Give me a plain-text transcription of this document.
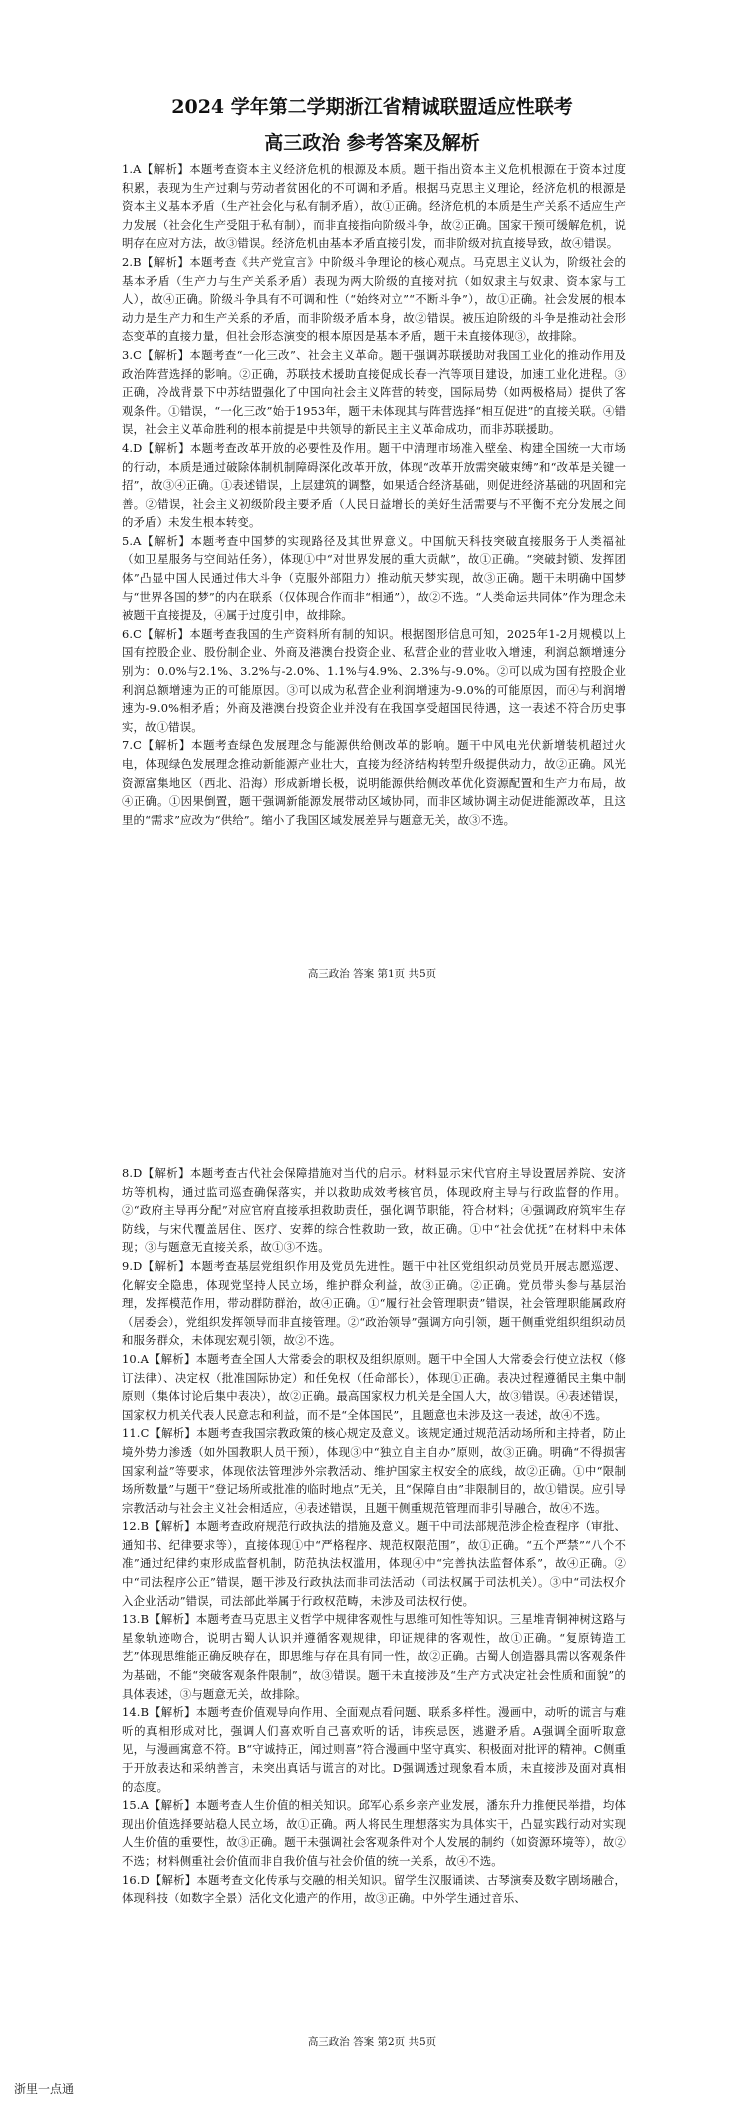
2024 学年第二学期浙江省精诚联盟适应性联考
高三政治 参考答案及解析

1.A【解析】本题考查资本主义经济危机的根源及本质。题干指出资本主义危机根源在于资本过度积累，表现为生产过剩与劳动者贫困化的不可调和矛盾。根据马克思主义理论，经济危机的根源是资本主义基本矛盾（生产社会化与私有制矛盾），故①正确。经济危机的本质是生产关系不适应生产力发展（社会化生产受阻于私有制），而非直接指向阶级斗争，故②正确。国家干预可缓解危机，说明存在应对方法，故③错误。经济危机由基本矛盾直接引发，而非阶级对抗直接导致，故④错误。

2.B【解析】本题考查《共产党宣言》中阶级斗争理论的核心观点。马克思主义认为，阶级社会的基本矛盾（生产力与生产关系矛盾）表现为两大阶级的直接对抗（如奴隶主与奴隶、资本家与工人），故④正确。阶级斗争具有不可调和性（“始终对立”“不断斗争”），故①正确。社会发展的根本动力是生产力和生产关系的矛盾，而非阶级矛盾本身，故②错误。被压迫阶级的斗争是推动社会形态变革的直接力量，但社会形态演变的根本原因是基本矛盾，题干未直接体现③，故排除。

3.C【解析】本题考查“一化三改”、社会主义革命。题干强调苏联援助对我国工业化的推动作用及政治阵营选择的影响。②正确，苏联技术援助直接促成长春一汽等项目建设，加速工业化进程。③正确，冷战背景下中苏结盟强化了中国向社会主义阵营的转变，国际局势（如两极格局）提供了客观条件。①错误，“一化三改”始于1953年，题干未体现其与阵营选择“相互促进”的直接关联。④错误，社会主义革命胜利的根本前提是中共领导的新民主主义革命成功，而非苏联援助。

4.D【解析】本题考查改革开放的必要性及作用。题干中清理市场准入壁垒、构建全国统一大市场的行动，本质是通过破除体制机制障碍深化改革开放，体现“改革开放需突破束缚”和“改革是关键一招”，故③④正确。①表述错误，上层建筑的调整，如果适合经济基础，则促进经济基础的巩固和完善。②错误，社会主义初级阶段主要矛盾（人民日益增长的美好生活需要与不平衡不充分发展之间的矛盾）未发生根本转变。

5.A【解析】本题考查中国梦的实现路径及其世界意义。中国航天科技突破直接服务于人类福祉（如卫星服务与空间站任务），体现①中“对世界发展的重大贡献”，故①正确。“突破封锁、发挥团体”凸显中国人民通过伟大斗争（克服外部阻力）推动航天梦实现，故③正确。题干未明确中国梦与“世界各国的梦”的内在联系（仅体现合作而非“相通”），故②不选。“人类命运共同体”作为理念未被题干直接提及，④属于过度引申，故排除。

6.C【解析】本题考查我国的生产资料所有制的知识。根据图形信息可知，2025年1-2月规模以上国有控股企业、股份制企业、外商及港澳台投资企业、私营企业的营业收入增速，利润总额增速分别为：0.0%与2.1%、3.2%与-2.0%、1.1%与4.9%、2.3%与-9.0%。②可以成为国有控股企业利润总额增速为正的可能原因。③可以成为私营企业利润增速为-9.0%的可能原因，而④与利润增速为-9.0%相矛盾；外商及港澳台投资企业并没有在我国享受超国民待遇，这一表述不符合历史事实，故①错误。

7.C【解析】本题考查绿色发展理念与能源供给侧改革的影响。题干中风电光伏新增装机超过火电，体现绿色发展理念推动新能源产业壮大，直接为经济结构转型升级提供动力，故②正确。风光资源富集地区（西北、沿海）形成新增长极，说明能源供给侧改革优化资源配置和生产力布局，故④正确。①因果倒置，题干强调新能源发展带动区域协同，而非区域协调主动促进能源改革，且这里的“需求”应改为“供给”。缩小了我国区域发展差异与题意无关，故③不选。

高三政治 答案 第1页 共5页

8.D【解析】本题考查古代社会保障措施对当代的启示。材料显示宋代官府主导设置居养院、安济坊等机构，通过监司巡查确保落实，并以救助成效考核官员，体现政府主导与行政监督的作用。②“政府主导再分配”对应官府直接承担救助责任，强化调节职能，符合材料；④强调政府筑牢生存防线，与宋代覆盖居住、医疗、安葬的综合性救助一致，故正确。①中“社会优抚”在材料中未体现；③与题意无直接关系，故①③不选。

9.D【解析】本题考查基层党组织作用及党员先进性。题干中社区党组织动员党员开展志愿巡逻、化解安全隐患，体现党坚持人民立场，维护群众利益，故③正确。②正确。党员带头参与基层治理，发挥模范作用，带动群防群治，故④正确。①“履行社会管理职责”错误，社会管理职能属政府（居委会），党组织发挥领导而非直接管理。②“政治领导”强调方向引领，题干侧重党组织组织动员和服务群众，未体现宏观引领，故②不选。

10.A【解析】本题考查全国人大常委会的职权及组织原则。题干中全国人大常委会行使立法权（修订法律）、决定权（批准国际协定）和任免权（任命部长），体现①正确。表决过程遵循民主集中制原则（集体讨论后集中表决），故②正确。最高国家权力机关是全国人大，故③错误。④表述错误，国家权力机关代表人民意志和利益，而不是“全体国民”，且题意也未涉及这一表述，故④不选。

11.C【解析】本题考查我国宗教政策的核心规定及意义。该规定通过规范活动场所和主持者，防止境外势力渗透（如外国教职人员干预），体现③中“独立自主自办”原则，故③正确。明确“不得损害国家利益”等要求，体现依法管理涉外宗教活动、维护国家主权安全的底线，故②正确。①中“限制场所数量”与题干“登记场所或批准的临时地点”无关，且“保障自由”非限制目的，故①错误。应引导宗教活动与社会主义社会相适应，④表述错误，且题干侧重规范管理而非引导融合，故④不选。

12.B【解析】本题考查政府规范行政执法的措施及意义。题干中司法部规范涉企检查程序（审批、通知书、纪律要求等），直接体现①中“严格程序、规范权限范围”，故①正确。“五个严禁”“八个不准”通过纪律约束形成监督机制，防范执法权滥用，体现④中“完善执法监督体系”，故④正确。②中“司法程序公正”错误，题干涉及行政执法而非司法活动（司法权属于司法机关）。③中“司法权介入企业活动”错误，司法部此举属于行政权范畴，未涉及司法权行使。

13.B【解析】本题考查马克思主义哲学中规律客观性与思维可知性等知识。三星堆青铜神树这路与星象轨迹吻合，说明古蜀人认识并遵循客观规律，印证规律的客观性，故①正确。“复原铸造工艺”体现思维能正确反映存在，即思维与存在具有同一性，故②正确。古蜀人创造器具需以客观条件为基础，不能“突破客观条件限制”，故③错误。题干未直接涉及“生产方式决定社会性质和面貌”的具体表述，③与题意无关，故排除。

14.B【解析】本题考查价值观导向作用、全面观点看问题、联系多样性。漫画中，动听的谎言与难听的真相形成对比，强调人们喜欢听自己喜欢听的话，讳疾忌医，逃避矛盾。A强调全面听取意见，与漫画寓意不符。B“守诚持正，闻过则喜”符合漫画中坚守真实、积极面对批评的精神。C侧重于开放表达和采纳善言，未突出真话与谎言的对比。D强调透过现象看本质，未直接涉及面对真相的态度。

15.A【解析】本题考查人生价值的相关知识。邱军心系乡亲产业发展，潘东升力推便民举措，均体现出价值选择要站稳人民立场，故①正确。两人将民生理想落实为具体实干，凸显实践行动对实现人生价值的重要性，故③正确。题干未强调社会客观条件对个人发展的制约（如资源环境等），故②不选；材料侧重社会价值而非自我价值与社会价值的统一关系，故④不选。

16.D【解析】本题考查文化传承与交融的相关知识。留学生汉服诵读、古琴演奏及数字剧场融合，体现科技（如数字全景）活化文化遗产的作用，故③正确。中外学生通过音乐、

高三政治 答案 第2页 共5页
浙里一点通
